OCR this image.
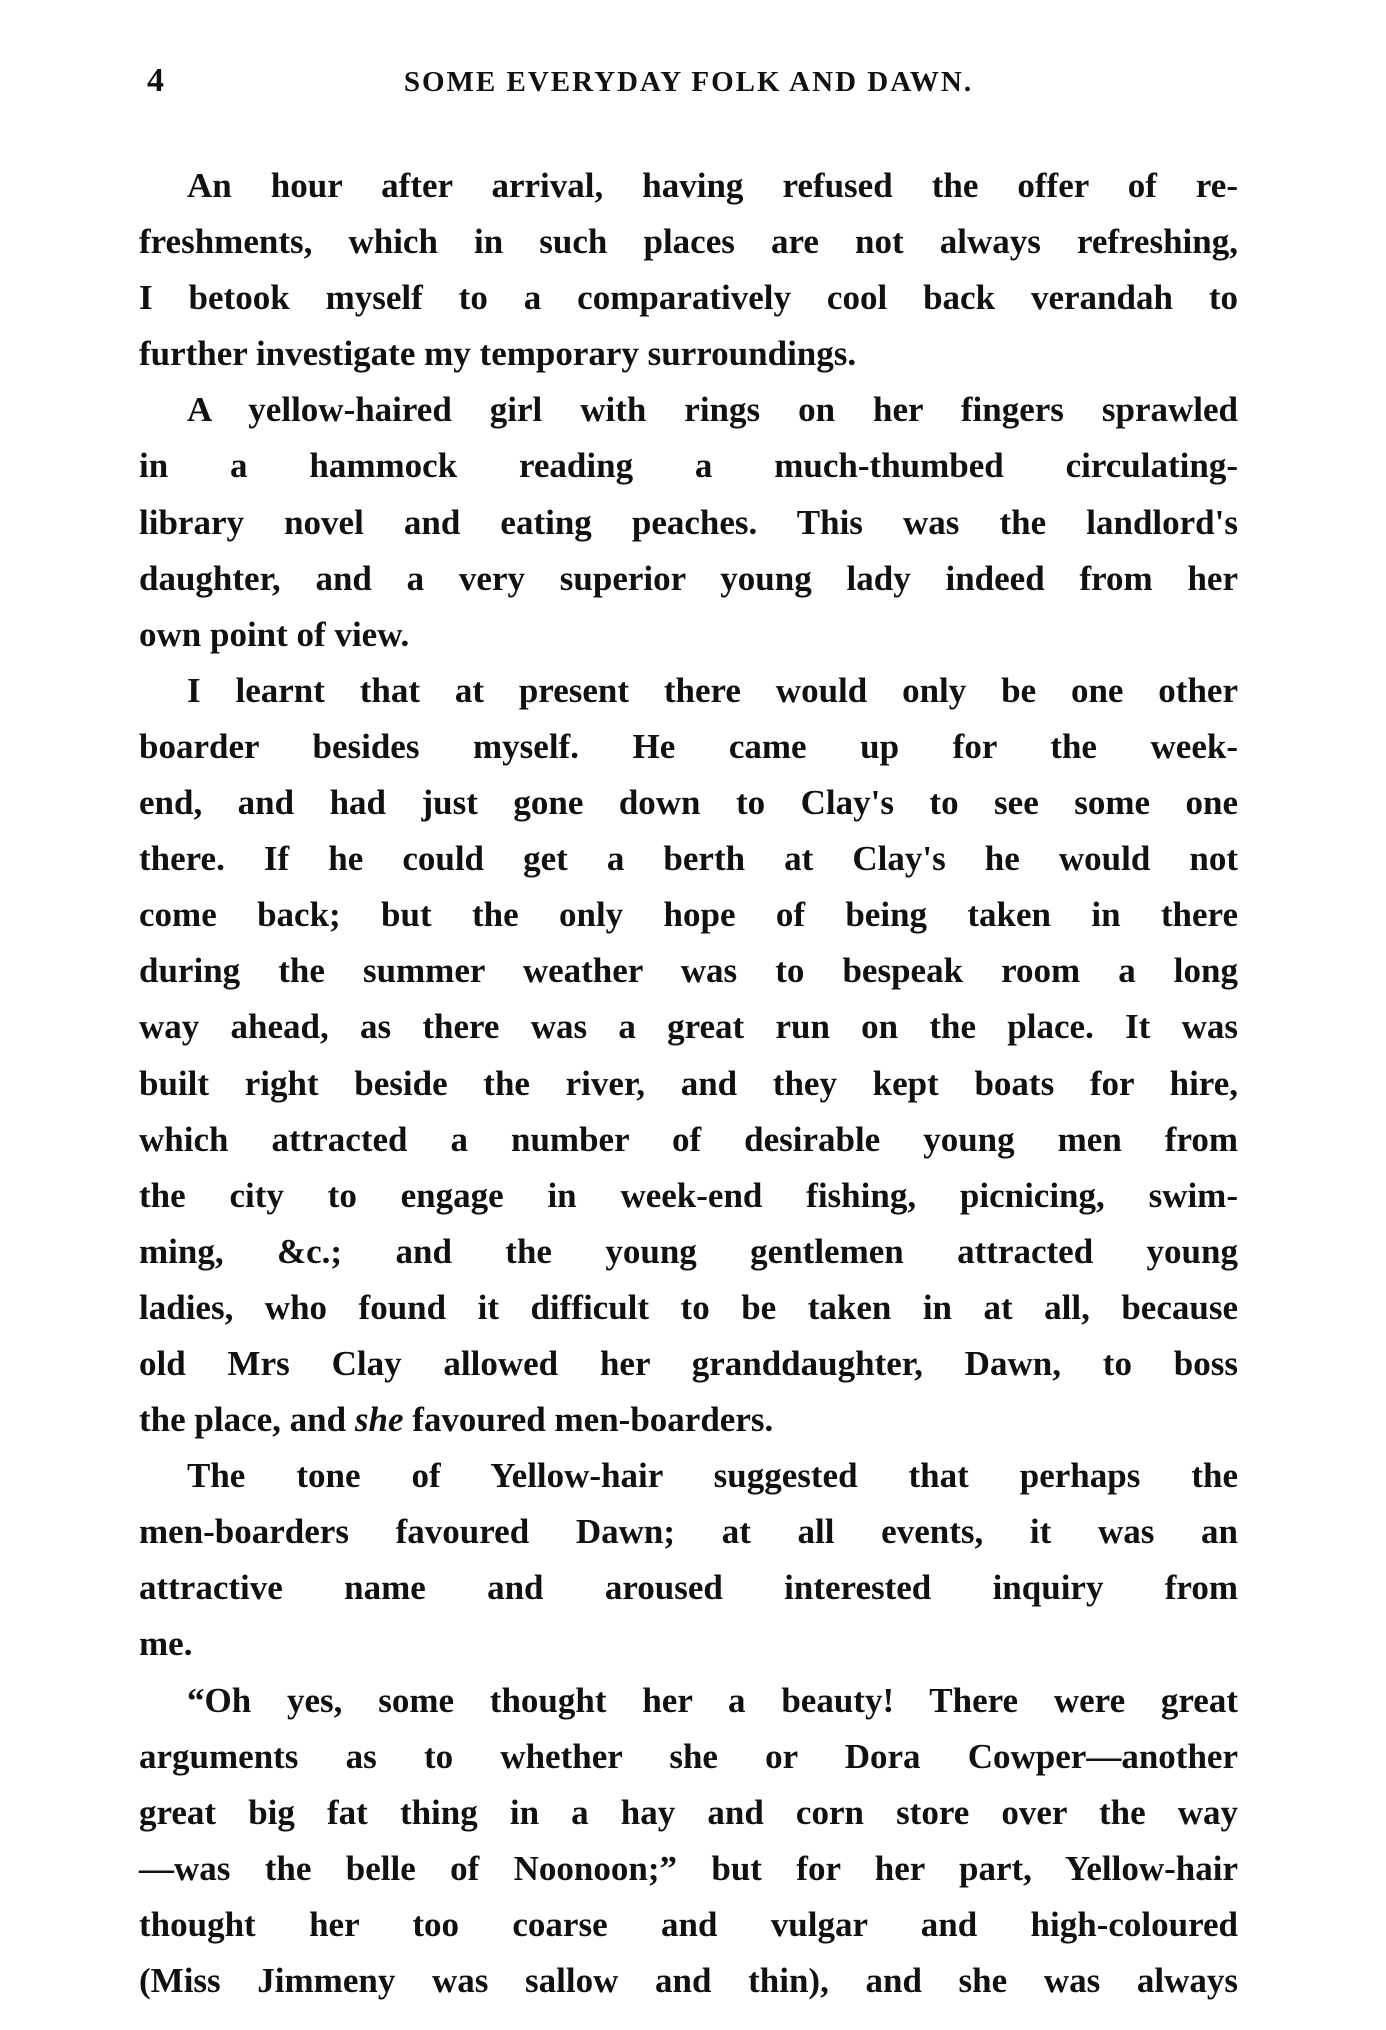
4	SOME EVERYDAY FOLK AND DAWN.
An hour after arrival, having refused the offer of re-
freshments, which in such places are not always refreshing,
I betook myself to a comparatively cool back verandah to
further investigate my temporary surroundings.
A yellow-haired girl with rings on her fingers sprawled
in a hammock reading a much-thumbed circulating-
library novel and eating peaches. This was the landlord's
daughter, and a very superior young lady indeed from her
own point of view.
I learnt that at present there would only be one other
boarder besides myself. He came up for the week-
end, and had just gone down to Clay's to see some one
there. If he could get a berth at Clay's he would not
come back; but the only hope of being taken in there
during the summer weather was to bespeak room a long
way ahead, as there was a great run on the place. It was
built right beside the river, and they kept boats for hire,
which attracted a number of desirable young men from
the city to engage in week-end fishing, picnicing, swim-
ming, &c.; and the young gentlemen attracted young
ladies, who found it difficult to be taken in at all, because
old Mrs Clay allowed her granddaughter, Dawn, to boss
the place, and she favoured men-boarders.
The tone of Yellow-hair suggested that perhaps the
men-boarders favoured Dawn; at all events, it was an
attractive name and aroused interested inquiry from
me.
“Oh yes, some thought her a beauty! There were great
arguments as to whether she or Dora Cowper—another
great big fat thing in a hay and corn store over the way
—was the belle of Noonoon;” but for her part, Yellow-hair
thought her too coarse and vulgar and high-coloured
(Miss Jimmeny was sallow and thin), and she was always
